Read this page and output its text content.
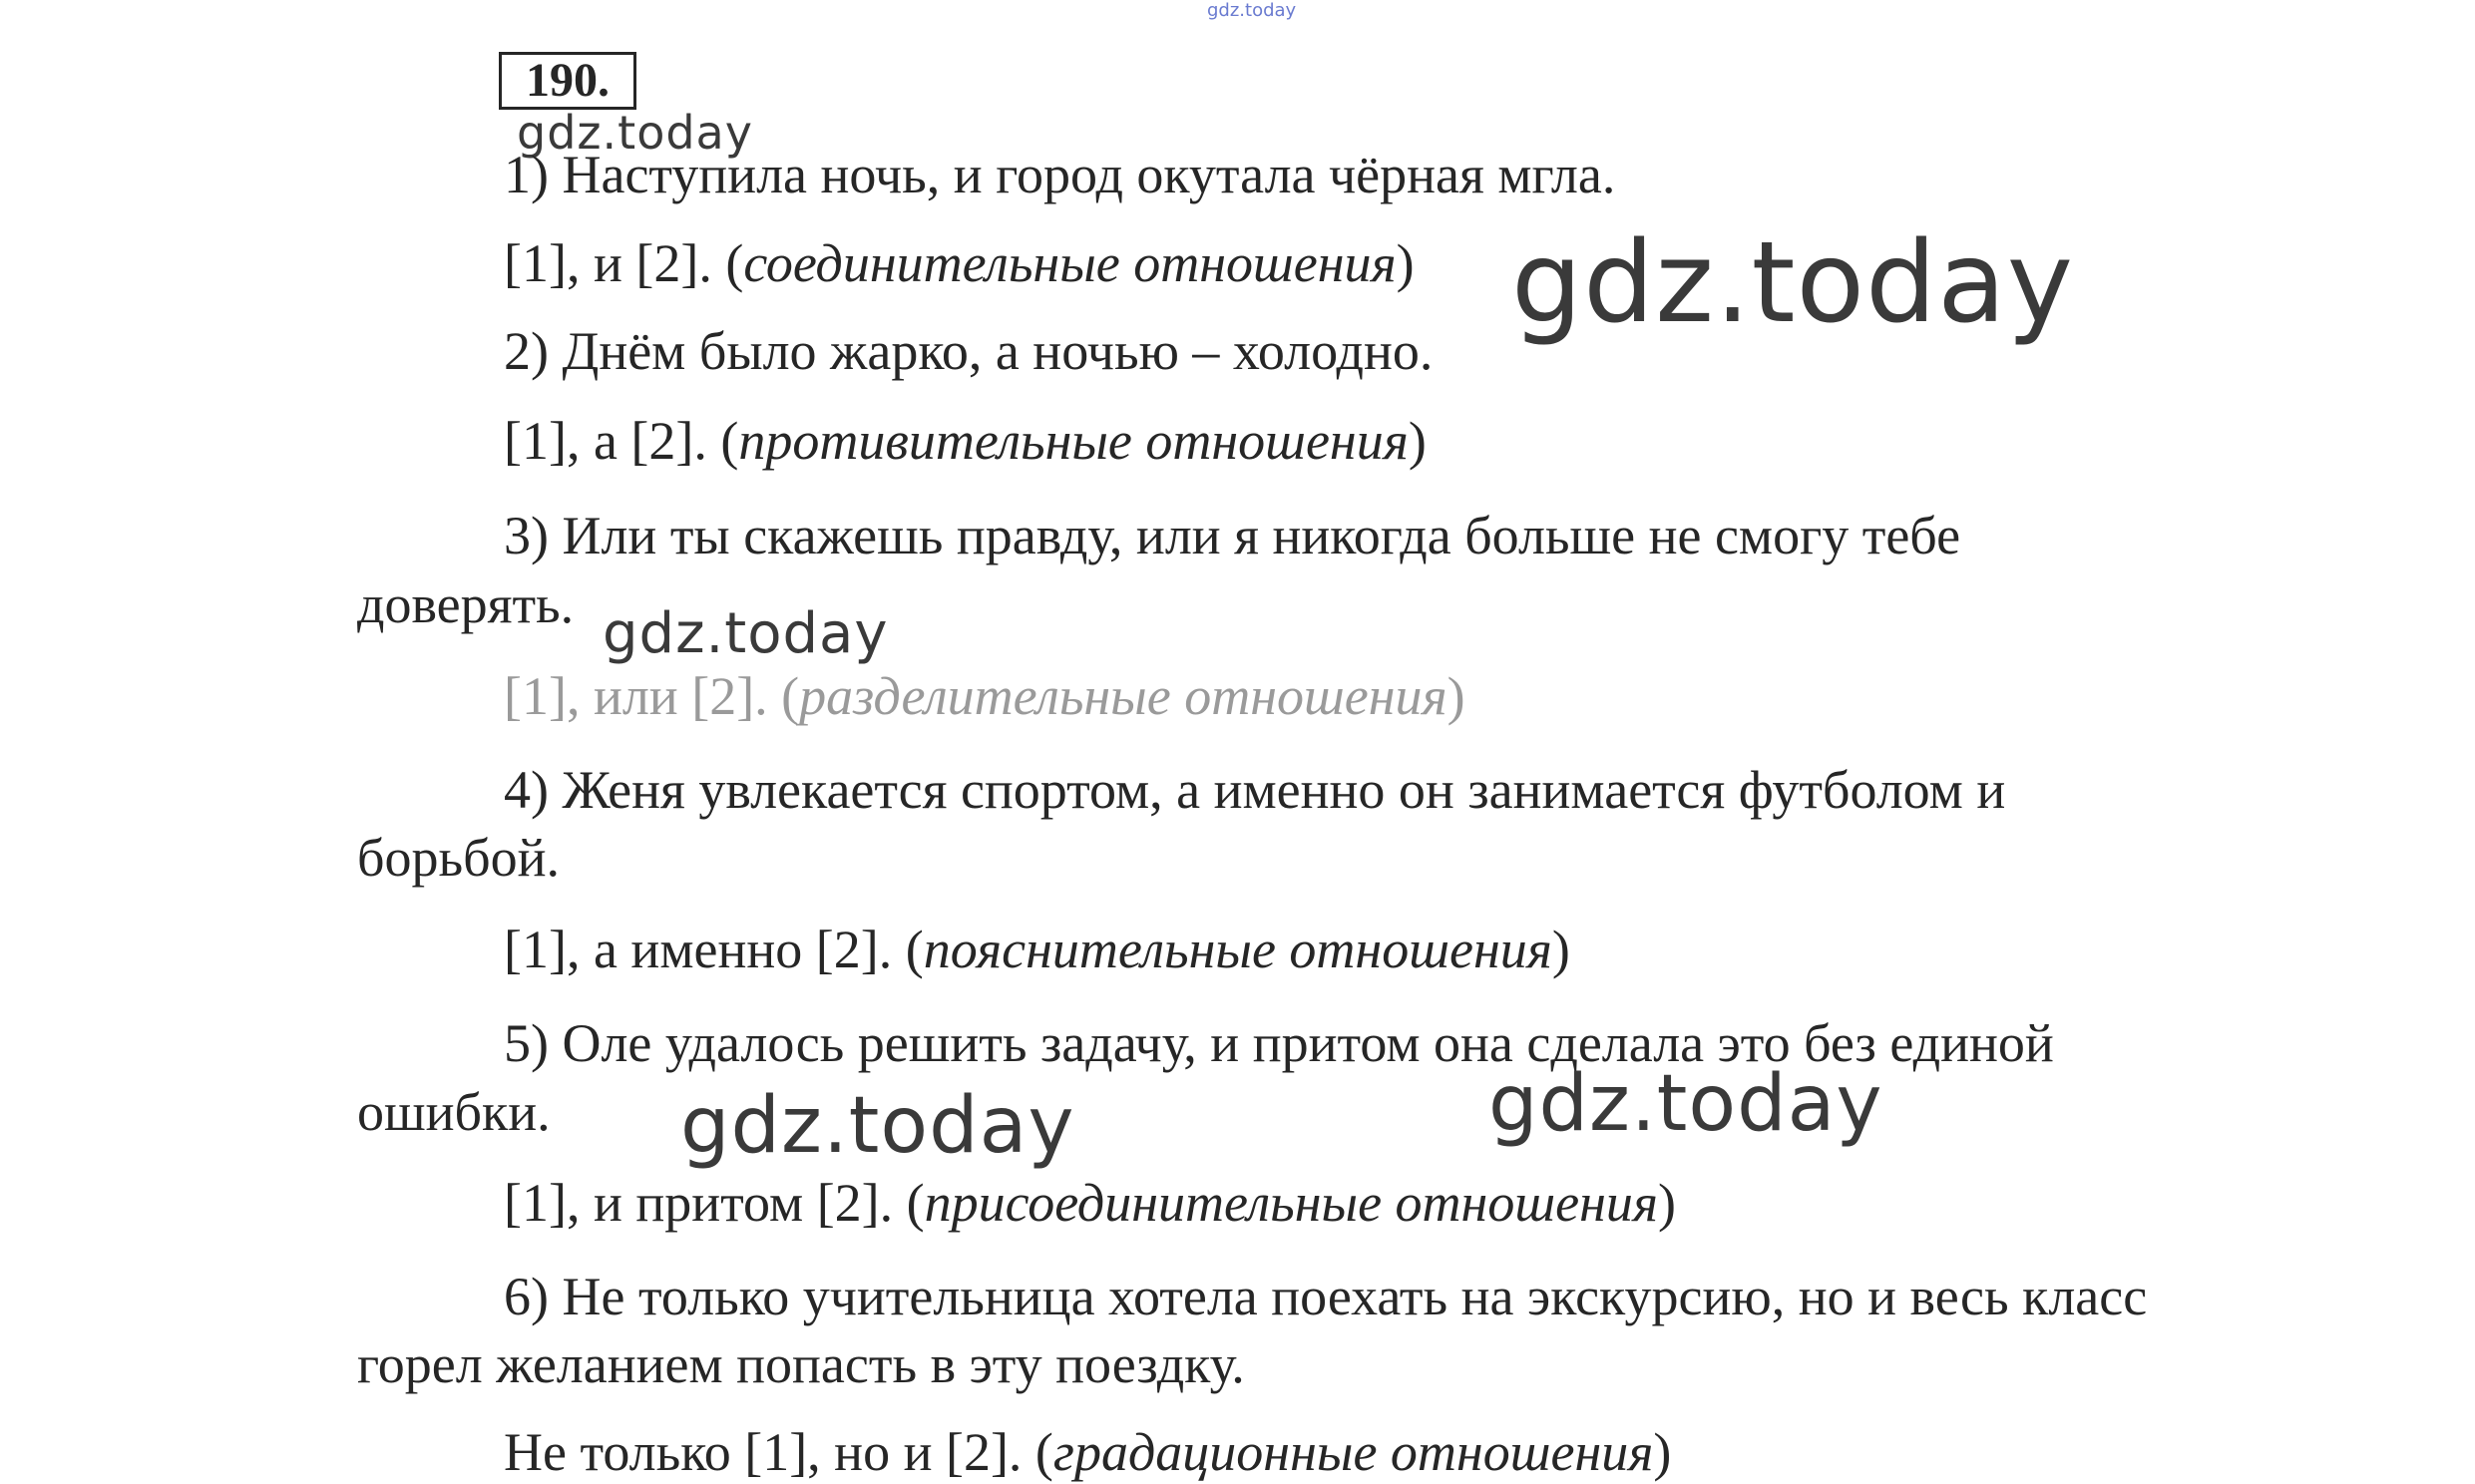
gdz.today
190.
gdz.today
1) Наступила ночь, и город окутала чёрная мгла.
[1], и [2]. (соединительные отношения) gdz.today
2) Днём было жарко, а ночью – холодно.
[1], а [2]. (противительные отношения)
3) Или ты скажешь правду, или я никогда больше не смогу тебе
доверять. gdz.today
[1], или [2]. (разделительные отношения)
4) Женя увлекается спортом, а именно он занимается футболом и
борьбой.
[1], а именно [2]. (пояснительные отношения)
5) Оле удалось решить задачу, и притом она сделала это без единой
ошибки. gdz.today	gdz.today
[1], и притом [2]. (присоединительные отношения)
6) Не только учительница хотела поехать на экскурсию, но и весь класс
горел желанием попасть в эту поездку.
Не только [1], но и [2]. (градационные отношения)
